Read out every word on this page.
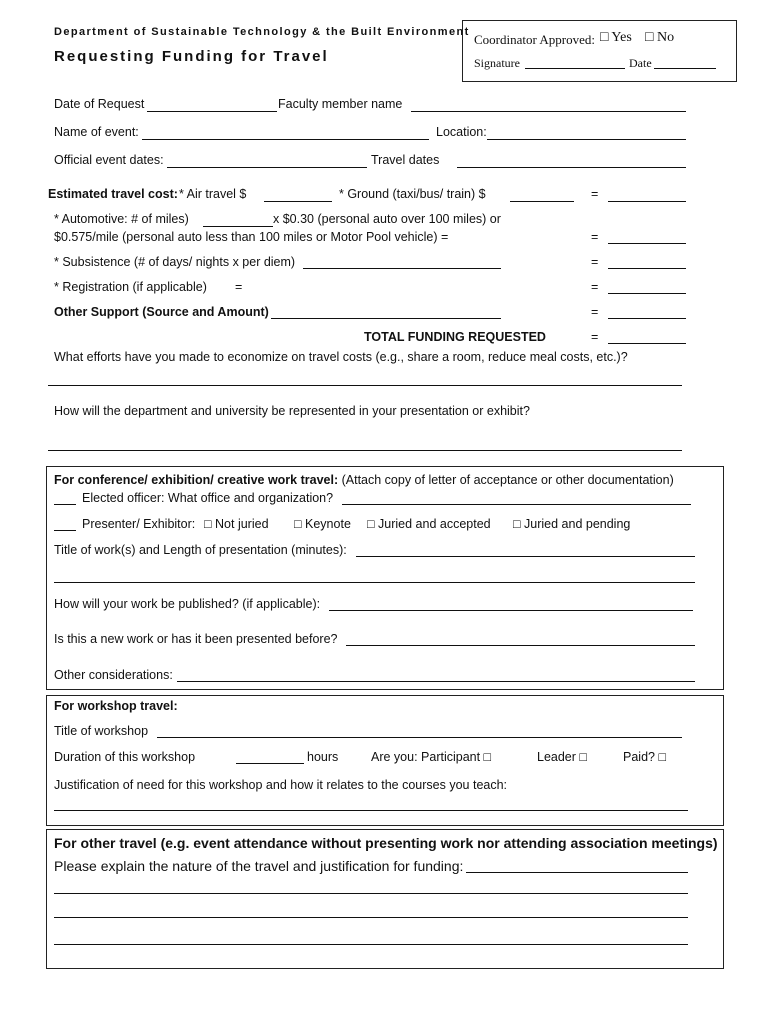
Department of Sustainable Technology & the Built Environment
Requesting Funding for Travel
Coordinator Approved: □ Yes □ No
Signature	Date
Date of Request	Faculty member name
Name of event:	Location:
Official event dates:	Travel dates
Estimated travel cost: * Air travel $	* Ground (taxi/bus/ train) $	=
* Automotive: # of miles)	x $0.30 (personal auto over 100 miles) or
$0.575/mile (personal auto less than 100 miles or Motor Pool vehicle) =	=
* Subsistence (# of days/ nights x per diem)	=
* Registration (if applicable) =	=
Other Support (Source and Amount)	=
TOTAL FUNDING REQUESTED	=
What efforts have you made to economize on travel costs (e.g., share a room, reduce meal costs, etc.)?
How will the department and university be represented in your presentation or exhibit?
For conference/ exhibition/ creative work travel: (Attach copy of letter of acceptance or other documentation)
Elected officer: What office and organization?
Presenter/ Exhibitor: □ Not juried □ Keynote □ Juried and accepted □ Juried and pending
Title of work(s) and Length of presentation (minutes):
How will your work be published? (if applicable):
Is this a new work or has it been presented before?
Other considerations:
For workshop travel:
Title of workshop
Duration of this workshop	hours	Are you: Participant □	Leader □	Paid? □
Justification of need for this workshop and how it relates to the courses you teach:
For other travel (e.g. event attendance without presenting work nor attending association meetings)
Please explain the nature of the travel and justification for funding:
